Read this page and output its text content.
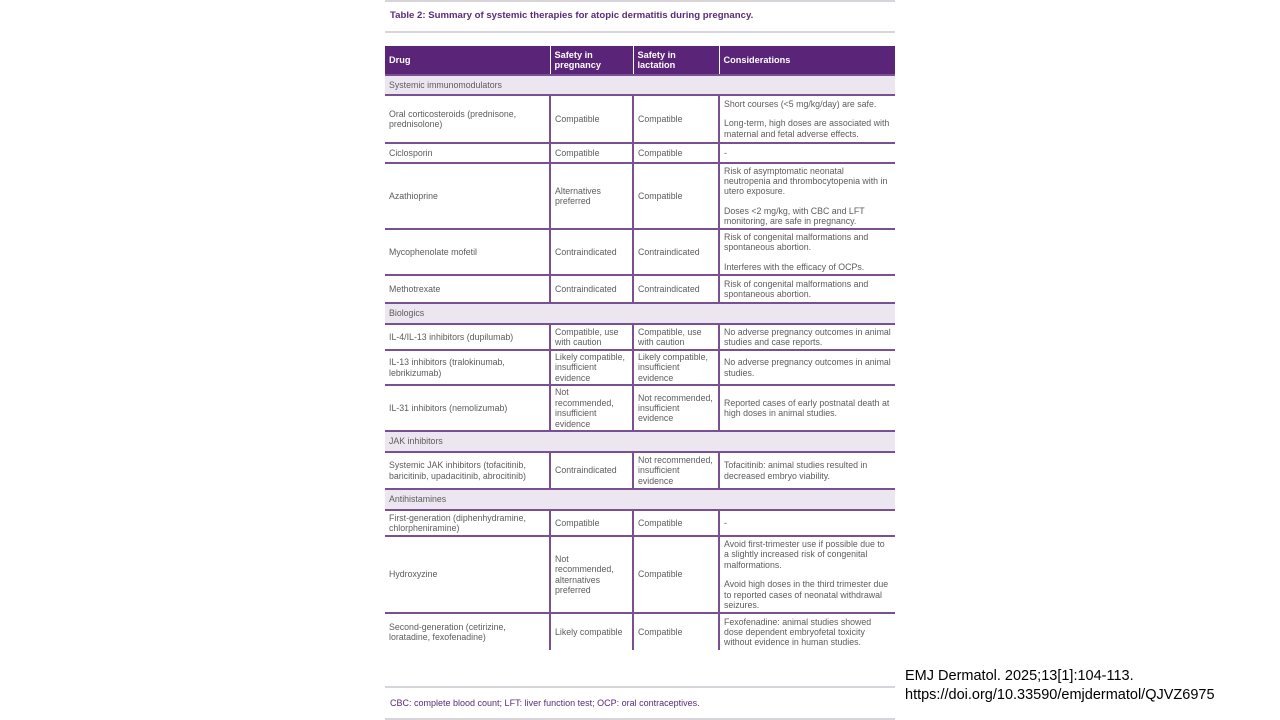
Table 2: Summary of systemic therapies for atopic dermatitis during pregnancy.
Drug	Safety in pregnancy	Safety in lactation	Considerations
Systemic immunomodulators			
Oral corticosteroids (prednisone, prednisolone)	Compatible	Compatible	Short courses (<5 mg/kg/day) are safe.
Long-term, high doses are associated with maternal and fetal adverse effects.

Ciclosporin	Compatible	Compatible	-

Azathioprine	Alternatives preferred	Compatible	Risk of asymptomatic neonatal neutropenia and thrombocytopenia with in utero exposure.
Doses <2 mg/kg, with CBC and LFT monitoring, are safe in pregnancy.

Mycophenolate mofetil	Contraindicated	Contraindicated	Risk of congenital malformations and spontaneous abortion.
Interferes with the efficacy of OCPs.

Methotrexate	Contraindicated	Contraindicated	Risk of congenital malformations and spontaneous abortion.

Biologics			
IL-4/IL-13 inhibitors (dupilumab)	Compatible, use with caution	Compatible, use with caution	No adverse pregnancy outcomes in animal studies and case reports.

IL-13 inhibitors (tralokinumab, lebrikizumab)	Likely compatible, insufficient evidence	Likely compatible, insufficient evidence	No adverse pregnancy outcomes in animal studies.

IL-31 inhibitors (nemolizumab)	Not recommended, insufficient evidence	Not recommended, insufficient evidence	Reported cases of early postnatal death at high doses in animal studies.

JAK inhibitors			
Systemic JAK inhibitors (tofacitinib, baricitinib, upadacitinib, abrocitinib)	Contraindicated	Not recommended, insufficient evidence	Tofacitinib: animal studies resulted in decreased embryo viability.

Antihistamines			
First-generation (diphenhydramine, chlorpheniramine)	Compatible	Compatible	-

Hydroxyzine	Not recommended, alternatives preferred	Compatible	Avoid first-trimester use if possible due to a slightly increased risk of congenital malformations.
Avoid high doses in the third trimester due to reported cases of neonatal withdrawal seizures.

Second-generation (cetirizine, loratadine, fexofenadine)	Likely compatible	Compatible	Fexofenadine: animal studies showed dose dependent embryofetal toxicity without evidence in human studies.
CBC: complete blood count; LFT: liver function test; OCP: oral contraceptives.
EMJ Dermatol. 2025;13[1]:104-113.
https://doi.org/10.33590/emjdermatol/QJVZ6975
